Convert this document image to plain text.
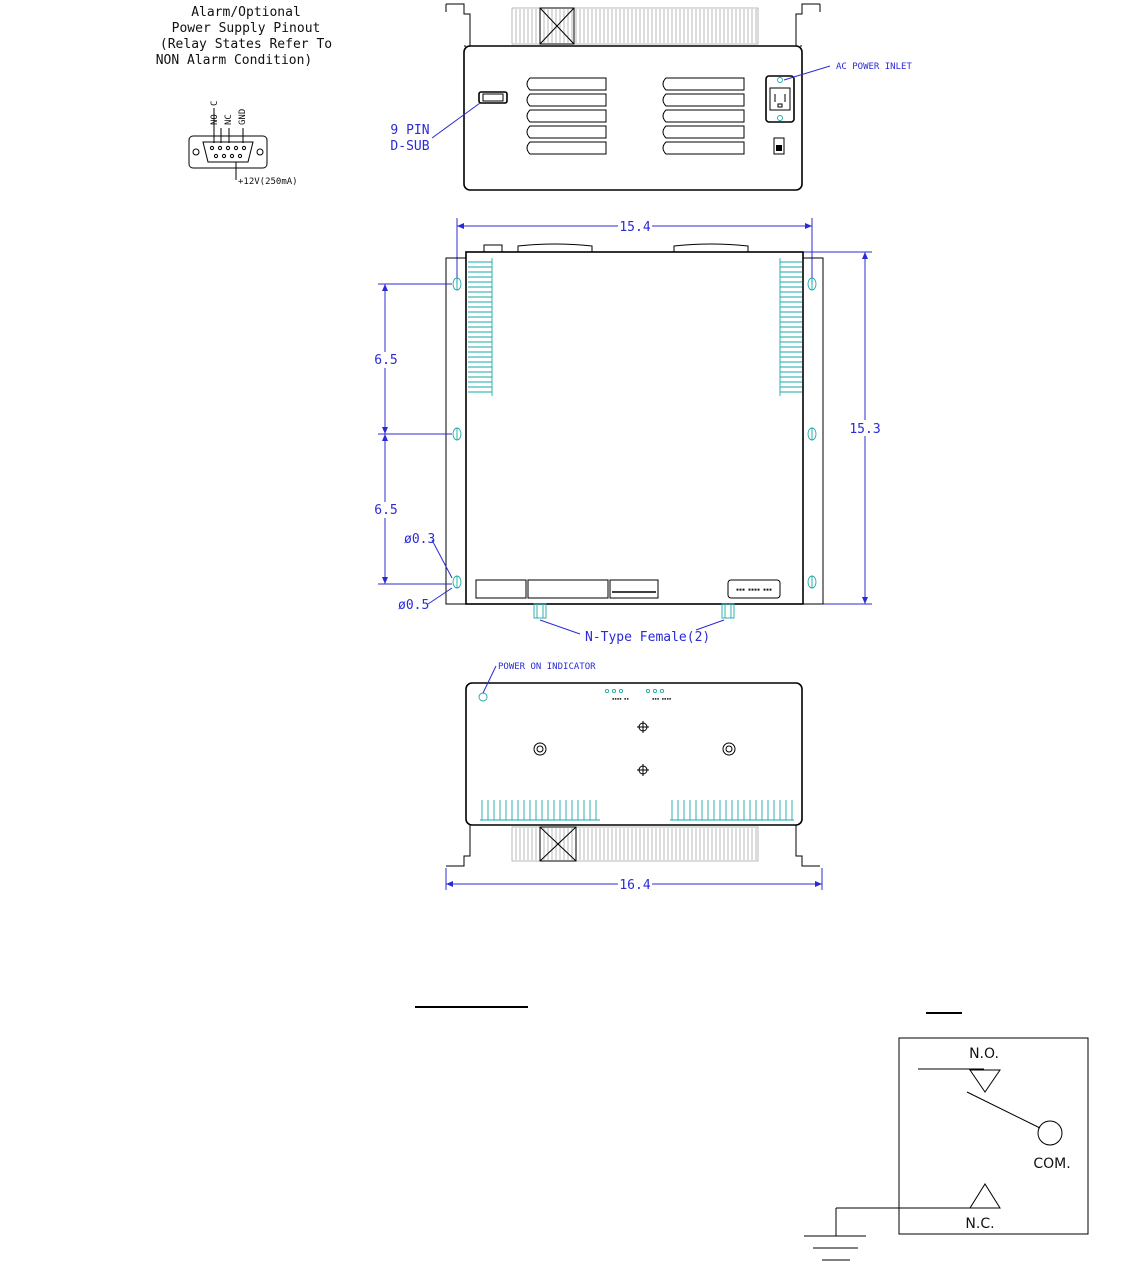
Alarm/Optional
Power Supply Pinout
(Relay States Refer To
NON Alarm Condition)
C
NO NC GND
+12V(250mA)
9 PIN
D-SUB
AC POWER INLET
15.4
15.3
6.5
6.5
ø0.3
ø0.5
▪▪▪ ▪▪▪▪ ▪▪▪
N-Type Female(2)
POWER ON INDICATOR
▪▪▪▪ ▪▪	▪▪▪ ▪▪▪▪
16.4
N.O.
COM.
N.C.
